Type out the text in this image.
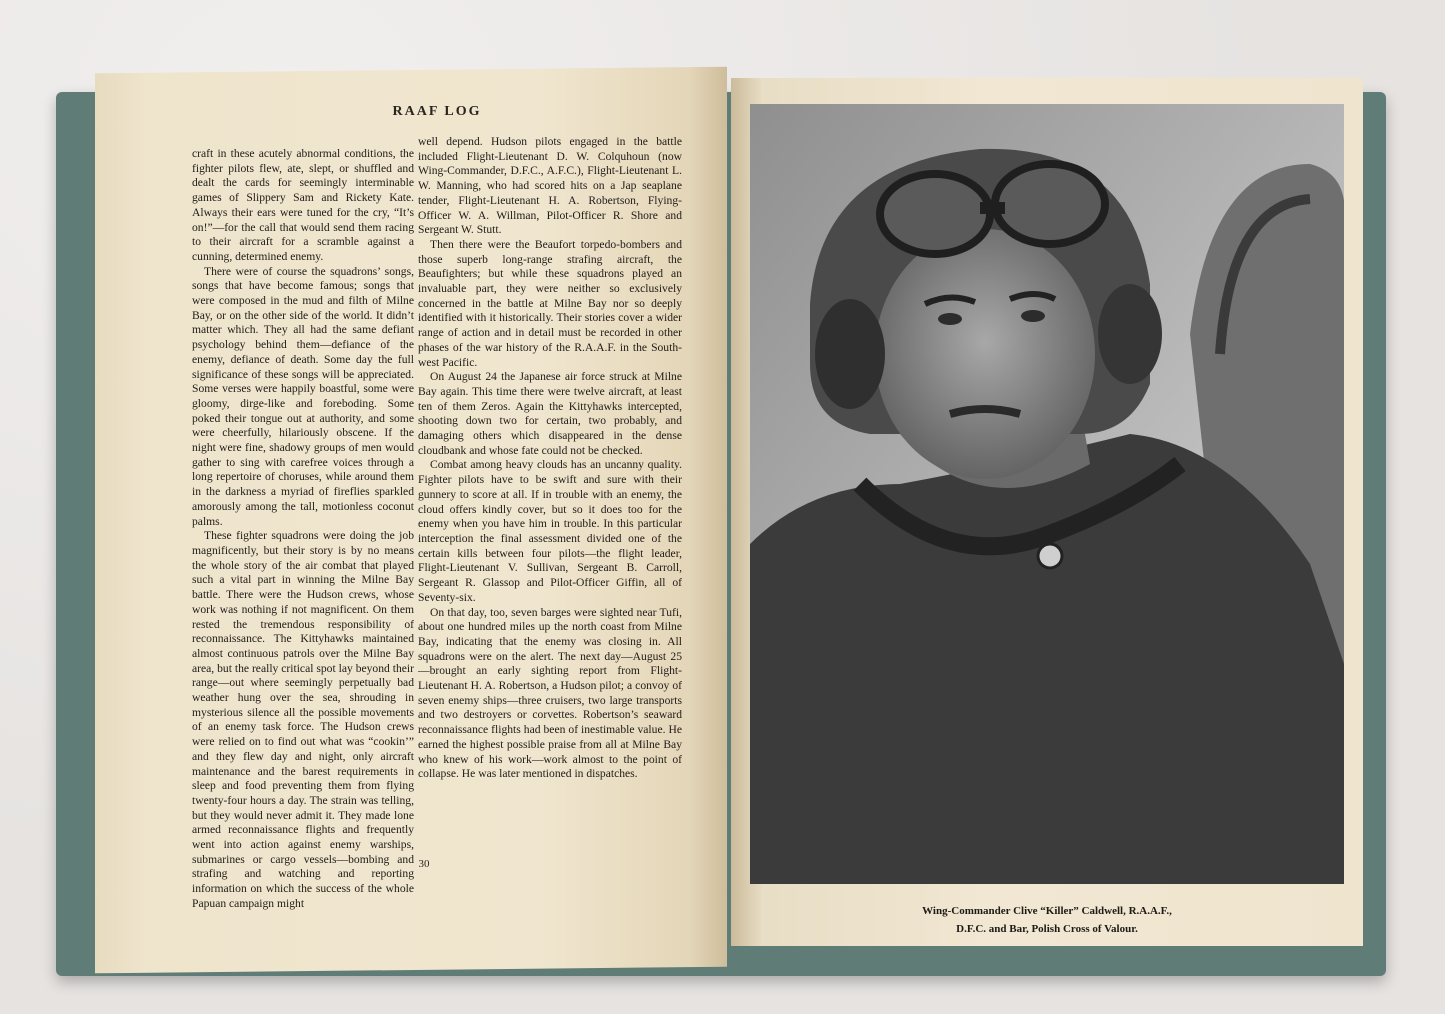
RAAF LOG

craft in these acutely abnormal conditions, the fighter pilots flew, ate, slept, or shuffled and dealt the cards for seemingly interminable games of Slippery Sam and Rickety Kate. Always their ears were tuned for the cry, “It’s on!”—for the call that would send them racing to their aircraft for a scramble against a cunning, determined enemy.

There were of course the squadrons’ songs, songs that have become famous; songs that were composed in the mud and filth of Milne Bay, or on the other side of the world. It didn’t matter which. They all had the same defiant psychology behind them—defiance of the enemy, defiance of death. Some day the full significance of these songs will be appreciated. Some verses were happily boastful, some were gloomy, dirge-like and foreboding. Some poked their tongue out at authority, and some were cheerfully, hilariously obscene. If the night were fine, shadowy groups of men would gather to sing with carefree voices through a long repertoire of choruses, while around them in the darkness a myriad of fireflies sparkled amorously among the tall, motionless coconut palms.

These fighter squadrons were doing the job magnificently, but their story is by no means the whole story of the air combat that played such a vital part in winning the Milne Bay battle. There were the Hudson crews, whose work was nothing if not magnificent. On them rested the tremendous responsibility of reconnaissance. The Kittyhawks maintained almost continuous patrols over the Milne Bay area, but the really critical spot lay beyond their range—out where seemingly perpetually bad weather hung over the sea, shrouding in mysterious silence all the possible movements of an enemy task force. The Hudson crews were relied on to find out what was “cookin’” and they flew day and night, only aircraft maintenance and the barest requirements in sleep and food preventing them from flying twenty-four hours a day. The strain was telling, but they would never admit it. They made lone armed reconnaissance flights and frequently went into action against enemy warships, submarines or cargo vessels—bombing and strafing and watching and reporting information on which the success of the whole Papuan campaign might

well depend. Hudson pilots engaged in the battle included Flight-Lieutenant D. W. Colquhoun (now Wing-Commander, D.F.C., A.F.C.), Flight-Lieutenant L. W. Manning, who had scored hits on a Jap seaplane tender, Flight-Lieutenant H. A. Robertson, Flying-Officer W. A. Willman, Pilot-Officer R. Shore and Sergeant W. Stutt.

Then there were the Beaufort torpedo-bombers and those superb long-range strafing aircraft, the Beaufighters; but while these squadrons played an invaluable part, they were neither so exclusively concerned in the battle at Milne Bay nor so deeply identified with it historically. Their stories cover a wider range of action and in detail must be recorded in other phases of the war history of the R.A.A.F. in the South-west Pacific.

On August 24 the Japanese air force struck at Milne Bay again. This time there were twelve aircraft, at least ten of them Zeros. Again the Kittyhawks intercepted, shooting down two for certain, two probably, and damaging others which disappeared in the dense cloudbank and whose fate could not be checked.

Combat among heavy clouds has an uncanny quality. Fighter pilots have to be swift and sure with their gunnery to score at all. If in trouble with an enemy, the cloud offers kindly cover, but so it does too for the enemy when you have him in trouble. In this particular interception the final assessment divided one of the certain kills between four pilots—the flight leader, Flight-Lieutenant V. Sullivan, Sergeant B. Carroll, Sergeant R. Glassop and Pilot-Officer Giffin, all of Seventy-six.

On that day, too, seven barges were sighted near Tufi, about one hundred miles up the north coast from Milne Bay, indicating that the enemy was closing in. All squadrons were on the alert. The next day—August 25—brought an early sighting report from Flight-Lieutenant H. A. Robertson, a Hudson pilot; a convoy of seven enemy ships—three cruisers, two large transports and two destroyers or corvettes. Robertson’s seaward reconnaissance flights had been of inestimable value. He earned the highest possible praise from all at Milne Bay who knew of his work—work almost to the point of collapse. He was later mentioned in dispatches.

30
Wing-Commander Clive “Killer” Caldwell, R.A.A.F.,
D.F.C. and Bar, Polish Cross of Valour.
